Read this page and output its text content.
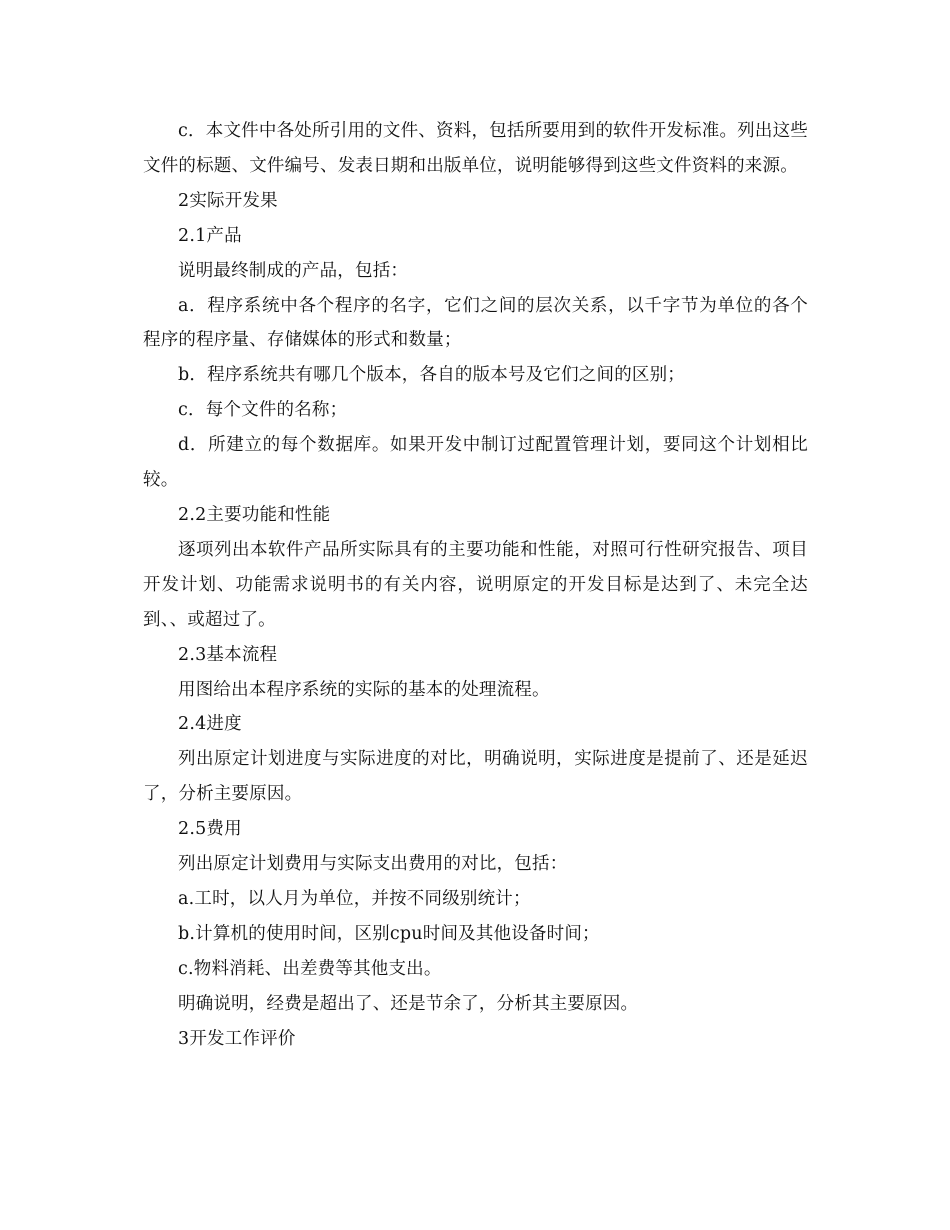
c．本文件中各处所引用的文件、资料，包括所要用到的软件开发标准。列出这些文件的标题、文件编号、发表日期和出版单位，说明能够得到这些文件资料的来源。

2实际开发果

2.1产品

说明最终制成的产品，包括：

a．程序系统中各个程序的名字，它们之间的层次关系，以千字节为单位的各个程序的程序量、存储媒体的形式和数量；

b．程序系统共有哪几个版本，各自的版本号及它们之间的区别；

c．每个文件的名称；

d．所建立的每个数据库。如果开发中制订过配置管理计划，要同这个计划相比较。

2.2主要功能和性能

逐项列出本软件产品所实际具有的主要功能和性能，对照可行性研究报告、项目开发计划、功能需求说明书的有关内容，说明原定的开发目标是达到了、未完全达到、、或超过了。

2.3基本流程

用图给出本程序系统的实际的基本的处理流程。

2.4进度

列出原定计划进度与实际进度的对比，明确说明，实际进度是提前了、还是延迟了，分析主要原因。

2.5费用

列出原定计划费用与实际支出费用的对比，包括：

a.工时，以人月为单位，并按不同级别统计；

b.计算机的使用时间，区别cpu时间及其他设备时间；

c.物料消耗、出差费等其他支出。

明确说明，经费是超出了、还是节余了，分析其主要原因。

3开发工作评价
